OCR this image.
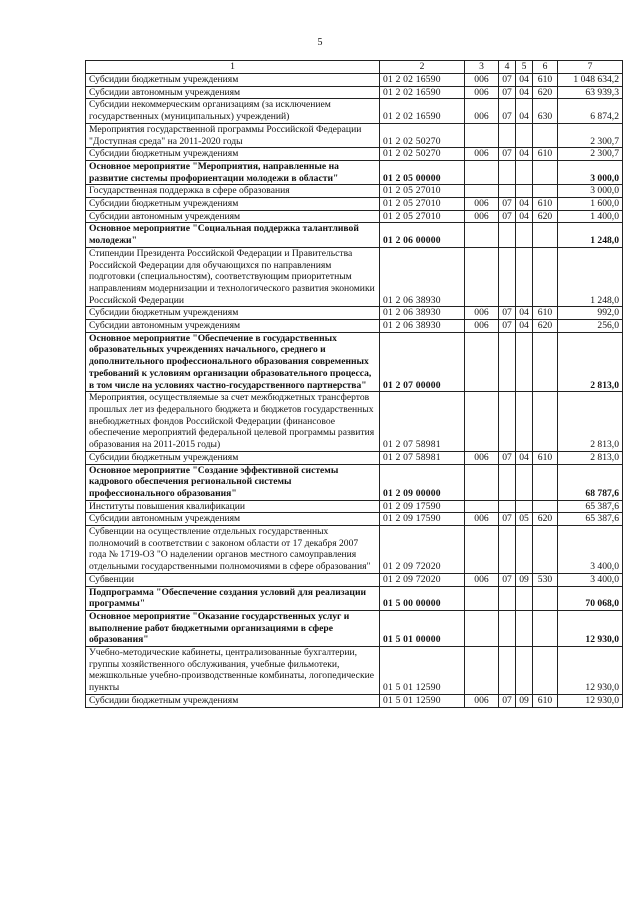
5
1	2	3	4	5	6	7
Субсидии бюджетным учреждениям	01 2 02 16590	006	07	04	610	1 048 634,2
Субсидии автономным учреждениям	01 2 02 16590	006	07	04	620	63 939,3
Субсидии некоммерческим организациям (за исключением государственных (муниципальных) учреждений)	01 2 02 16590	006	07	04	630	6 874,2
Мероприятия государственной программы Российской Федерации "Доступная среда" на 2011-2020 годы	01 2 02 50270					2 300,7
Субсидии бюджетным учреждениям	01 2 02 50270	006	07	04	610	2 300,7
Основное мероприятие "Мероприятия, направленные на развитие системы профориентации молодежи в области"	01 2 05 00000					3 000,0
Государственная поддержка в сфере образования	01 2 05 27010					3 000,0
Субсидии бюджетным учреждениям	01 2 05 27010	006	07	04	610	1 600,0
Субсидии автономным учреждениям	01 2 05 27010	006	07	04	620	1 400,0
Основное мероприятие "Социальная поддержка талантливой молодежи"	01 2 06 00000					1 248,0
Стипендии Президента Российской Федерации и Правительства Российской Федерации для обучающихся по направлениям подготовки (специальностям), соответствующим приоритетным направлениям модернизации и технологического развития экономики Российской Федерации	01 2 06 38930					1 248,0
Субсидии бюджетным учреждениям	01 2 06 38930	006	07	04	610	992,0
Субсидии автономным учреждениям	01 2 06 38930	006	07	04	620	256,0
Основное мероприятие "Обеспечение в государственных образовательных учреждениях начального, среднего и дополнительного профессионального образования современных требований к условиям организации образовательного процесса, в том числе на условиях частно-государственного партнерства"	01 2 07 00000					2 813,0
Мероприятия, осуществляемые за счет межбюджетных трансфертов прошлых лет из федерального бюджета и бюджетов государственных внебюджетных фондов Российской Федерации (финансовое обеспечение мероприятий федеральной целевой программы развития образования на 2011-2015 годы)	01 2 07 58981					2 813,0
Субсидии бюджетным учреждениям	01 2 07 58981	006	07	04	610	2 813,0
Основное мероприятие "Создание эффективной системы кадрового обеспечения региональной системы профессионального образования"	01 2 09 00000					68 787,6
Институты повышения квалификации	01 2 09 17590					65 387,6
Субсидии автономным учреждениям	01 2 09 17590	006	07	05	620	65 387,6
Субвенции на осуществление отдельных государственных полномочий в соответствии с законом области от 17 декабря 2007 года № 1719-ОЗ "О наделении органов местного самоуправления отдельными государственными полномочиями в сфере образования"	01 2 09 72020					3 400,0
Субвенции	01 2 09 72020	006	07	09	530	3 400,0
Подпрограмма "Обеспечение создания условий для реализации программы"	01 5 00 00000					70 068,0
Основное мероприятие "Оказание государственных услуг и выполнение работ бюджетными организациями в сфере образования"	01 5 01 00000					12 930,0
Учебно-методические кабинеты, централизованные бухгалтерии, группы хозяйственного обслуживания, учебные фильмотеки, межшкольные учебно-производственные комбинаты, логопедические пункты	01 5 01 12590					12 930,0
Субсидии бюджетным учреждениям	01 5 01 12590	006	07	09	610	12 930,0
